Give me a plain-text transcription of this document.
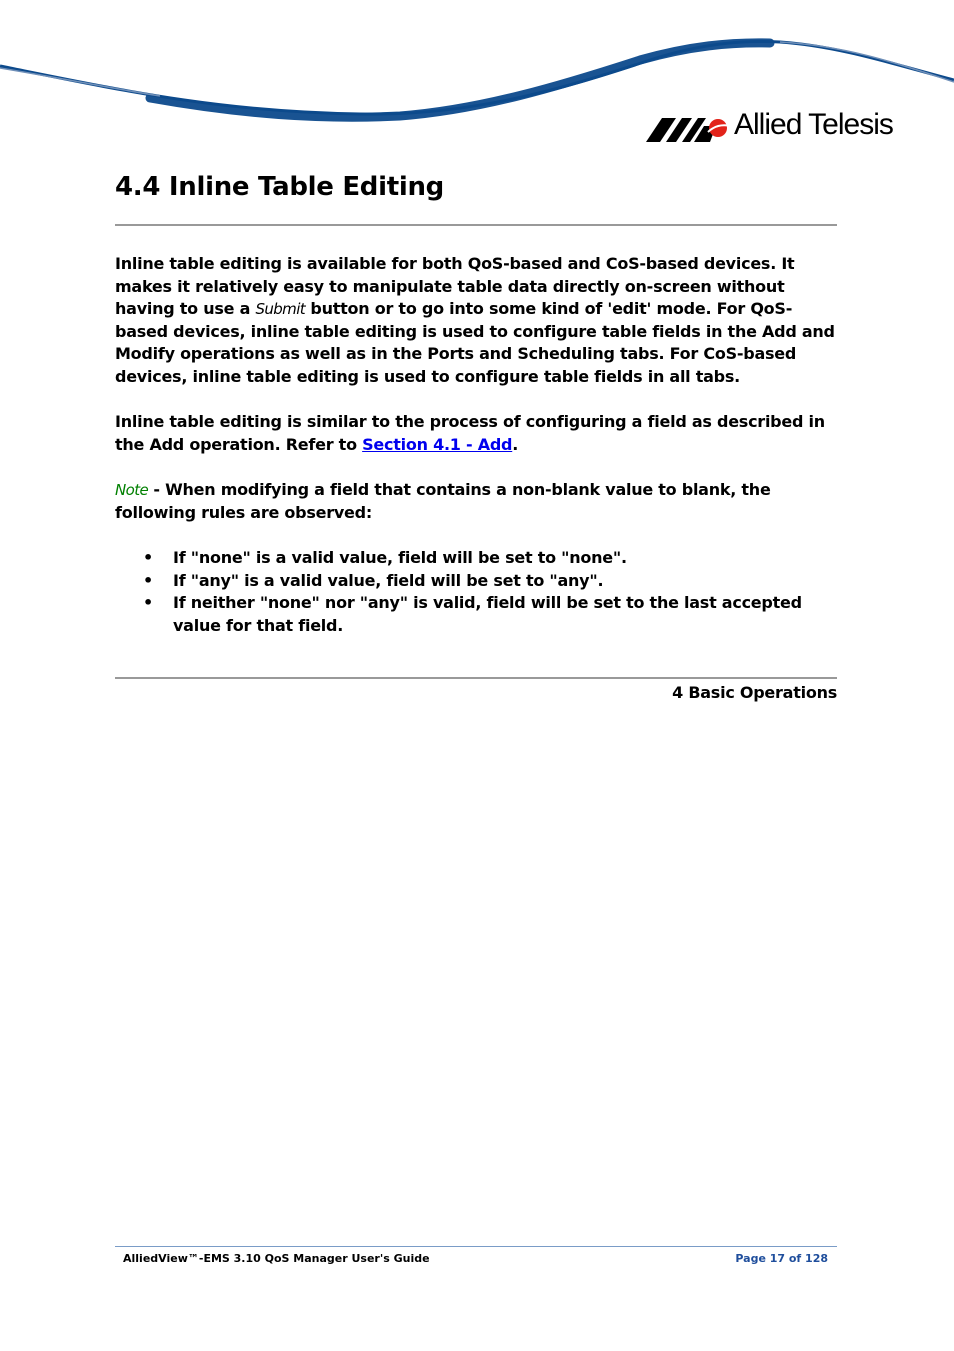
Allied Telesis
4.4 Inline Table Editing

Inline table editing is available for both QoS-based and CoS-based devices. It makes it relatively easy to manipulate table data directly on-screen without having to use a Submit button or to go into some kind of 'edit' mode. For QoS-based devices, inline table editing is used to configure table fields in the Add and Modify operations as well as in the Ports and Scheduling tabs. For CoS-based devices, inline table editing is used to configure table fields in all tabs.

Inline table editing is similar to the process of configuring a field as described in the Add operation. Refer to Section 4.1 - Add.

Note - When modifying a field that contains a non-blank value to blank, the following rules are observed:

• If "none" is a valid value, field will be set to "none".
• If "any" is a valid value, field will be set to "any".
• If neither "none" nor "any" is valid, field will be set to the last accepted value for that field.
4 Basic Operations
AlliedView™-EMS 3.10 QoS Manager User's Guide	Page 17 of 128
